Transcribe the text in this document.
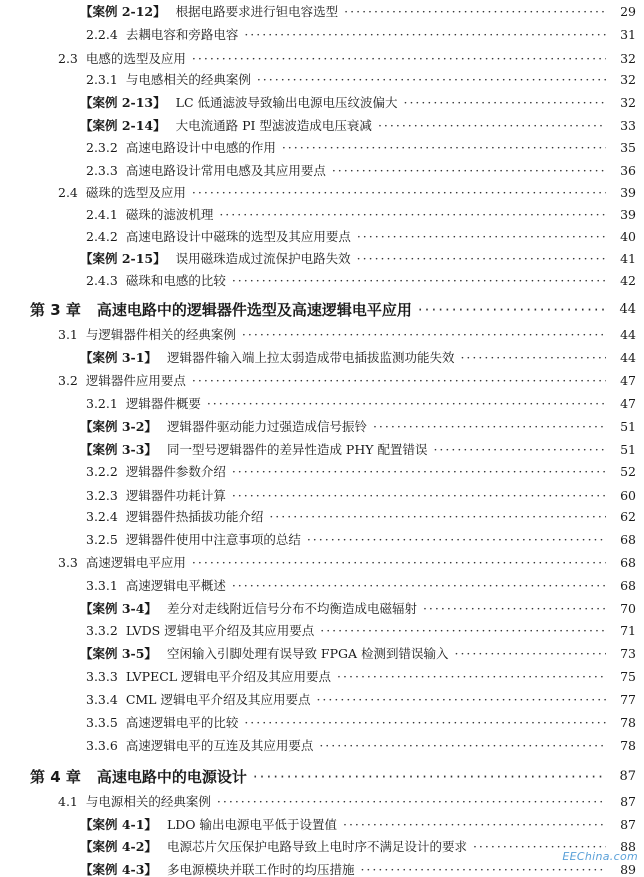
【案例 2-12】 根据电路要求进行钽电容选型 ·····	29
2.2.4 去耦电容和旁路电容 ·····	31
2.3 电感的选型及应用 ·····	32
2.3.1 与电感相关的经典案例 ·····	32
【案例 2-13】 LC 低通滤波导致输出电源电压纹波偏大 ·····	32
【案例 2-14】 大电流通路 PI 型滤波造成电压衰减 ·····	33
2.3.2 高速电路设计中电感的作用 ·····	35
2.3.3 高速电路设计常用电感及其应用要点 ·····	36
2.4 磁珠的选型及应用 ·····	39
2.4.1 磁珠的滤波机理 ·····	39
2.4.2 高速电路设计中磁珠的选型及其应用要点 ·····	40
【案例 2-15】 误用磁珠造成过流保护电路失效 ·····	41
2.4.3 磁珠和电感的比较 ·····	42
第 3 章	高速电路中的逻辑器件选型及高速逻辑电平应用 ·····	44
3.1 与逻辑器件相关的经典案例 ·····	44
【案例 3-1】 逻辑器件输入端上拉太弱造成带电插拔监测功能失效 ·····	44
3.2 逻辑器件应用要点 ·····	47
3.2.1 逻辑器件概要 ·····	47
【案例 3-2】 逻辑器件驱动能力过强造成信号振铃 ·····	51
【案例 3-3】 同一型号逻辑器件的差异性造成 PHY 配置错误 ·····	51
3.2.2 逻辑器件参数介绍 ·····	52
3.2.3 逻辑器件功耗计算 ·····	60
3.2.4 逻辑器件热插拔功能介绍 ·····	62
3.2.5 逻辑器件使用中注意事项的总结 ·····	68
3.3 高速逻辑电平应用 ·····	68
3.3.1 高速逻辑电平概述 ·····	68
【案例 3-4】 差分对走线附近信号分布不均衡造成电磁辐射 ·····	70
3.3.2 LVDS 逻辑电平介绍及其应用要点 ·····	71
【案例 3-5】 空闲输入引脚处理有误导致 FPGA 检测到错误输入 ·····	73
3.3.3 LVPECL 逻辑电平介绍及其应用要点 ·····	75
3.3.4 CML 逻辑电平介绍及其应用要点 ·····	77
3.3.5 高速逻辑电平的比较 ·····	78
3.3.6 高速逻辑电平的互连及其应用要点 ·····	78
第 4 章	高速电路中的电源设计 ·····	87
4.1 与电源相关的经典案例 ·····	87
【案例 4-1】 LDO 输出电源电平低于设置值 ·····	87
【案例 4-2】 电源芯片欠压保护电路导致上电时序不满足设计的要求 ·····	88
【案例 4-3】 多电源模块并联工作时的均压措施 ·····	89
EEChina.com
